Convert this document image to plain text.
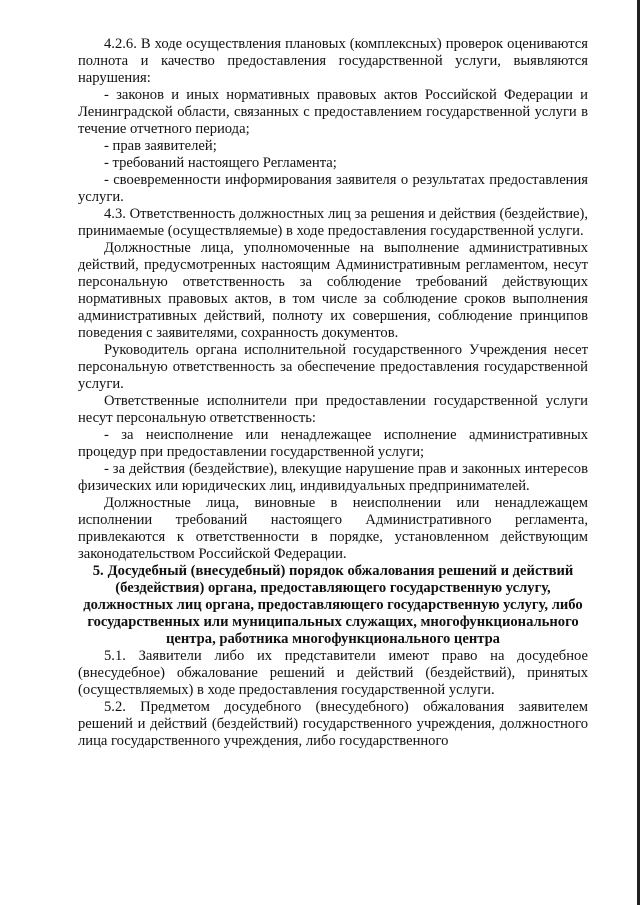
4.2.6. В ходе осуществления плановых (комплексных) проверок оцениваются полнота и качество предоставления государственной услуги, выявляются нарушения:

- законов и иных нормативных правовых актов Российской Федерации и Ленинградской области, связанных с предоставлением государственной услуги в течение отчетного периода;

- прав заявителей;

- требований настоящего Регламента;

- своевременности информирования заявителя о результатах предоставления услуги.

4.3. Ответственность должностных лиц за решения и действия (бездействие), принимаемые (осуществляемые) в ходе предоставления государственной услуги.

Должностные лица, уполномоченные на выполнение административных действий, предусмотренных настоящим Административным регламентом, несут персональную ответственность за соблюдение требований действующих нормативных правовых актов, в том числе за соблюдение сроков выполнения административных действий, полноту их совершения, соблюдение принципов поведения с заявителями, сохранность документов.

Руководитель органа исполнительной государственного Учреждения несет персональную ответственность за обеспечение предоставления государственной услуги.

Ответственные исполнители при предоставлении государственной услуги несут персональную ответственность:

- за неисполнение или ненадлежащее исполнение административных процедур при предоставлении государственной услуги;

- за действия (бездействие), влекущие нарушение прав и законных интересов физических или юридических лиц, индивидуальных предпринимателей.

Должностные лица, виновные в неисполнении или ненадлежащем исполнении требований настоящего Административного регламента, привлекаются к ответственности в порядке, установленном действующим законодательством Российской Федерации.

5. Досудебный (внесудебный) порядок обжалования решений и действий (бездействия) органа, предоставляющего государственную услугу, должностных лиц органа, предоставляющего государственную услугу, либо государственных или муниципальных служащих, многофункционального центра, работника многофункционального центра

5.1. Заявители либо их представители имеют право на досудебное (внесудебное) обжалование решений и действий (бездействий), принятых (осуществляемых) в ходе предоставления государственной услуги.

5.2. Предметом досудебного (внесудебного) обжалования заявителем решений и действий (бездействий) государственного учреждения, должностного лица государственного учреждения, либо государственного
